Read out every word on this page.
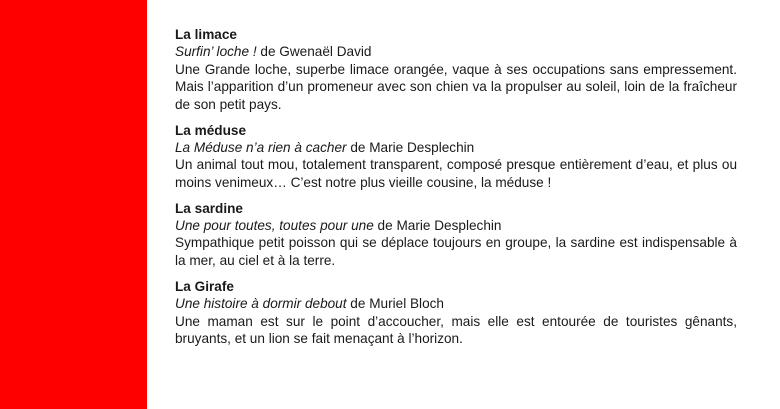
La limace
Surfin’ loche ! de Gwenaël David
Une Grande loche, superbe limace orangée, vaque à ses occupations sans empressement. Mais l’apparition d’un promeneur avec son chien va la propulser au soleil, loin de la fraîcheur de son petit pays.
La méduse
La Méduse n’a rien à cacher de Marie Desplechin
Un animal tout mou, totalement transparent, composé presque entièrement d’eau, et plus ou moins venimeux… C’est notre plus vieille cousine, la méduse !
La sardine
Une pour toutes, toutes pour une de Marie Desplechin
Sympathique petit poisson qui se déplace toujours en groupe, la sardine est indispensable à la mer, au ciel et à la terre.
La Girafe
Une histoire à dormir debout de Muriel Bloch
Une maman est sur le point d’accoucher, mais elle est entourée de touristes gênants, bruyants, et un lion se fait menaçant à l’horizon.
